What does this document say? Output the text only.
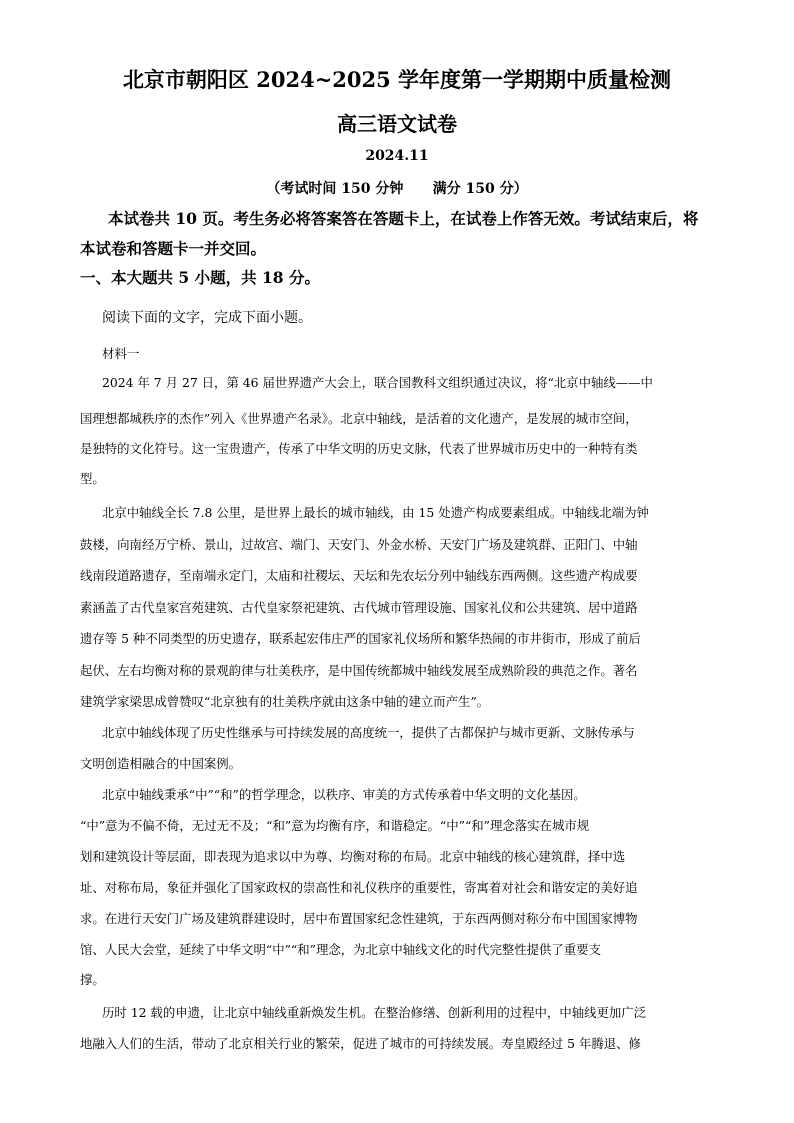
北京市朝阳区 2024~2025 学年度第一学期期中质量检测
高三语文试卷
2024.11
（考试时间 150 分钟      满分 150 分）
本试卷共 10 页。考生务必将答案答在答题卡上，在试卷上作答无效。考试结束后，将
本试卷和答题卡一并交回。
一、本大题共 5 小题，共 18 分。
阅读下面的文字，完成下面小题。
材料一
2024 年 7 月 27 日，第 46 届世界遗产大会上，联合国教科文组织通过决议，将“北京中轴线——中
国理想都城秩序的杰作”列入《世界遗产名录》。北京中轴线，是活着的文化遗产，是发展的城市空间，
是独特的文化符号。这一宝贵遗产，传承了中华文明的历史文脉，代表了世界城市历史中的一种特有类
型。
北京中轴线全长 7.8 公里，是世界上最长的城市轴线，由 15 处遗产构成要素组成。中轴线北端为钟
鼓楼，向南经万宁桥、景山，过故宫、端门、天安门、外金水桥、天安门广场及建筑群、正阳门、中轴
线南段道路遗存，至南端永定门，太庙和社稷坛、天坛和先农坛分列中轴线东西两侧。这些遗产构成要
素涵盖了古代皇家宫苑建筑、古代皇家祭祀建筑、古代城市管理设施、国家礼仪和公共建筑、居中道路
遗存等 5 种不同类型的历史遗存，联系起宏伟庄严的国家礼仪场所和繁华热闹的市井街市，形成了前后
起伏、左右均衡对称的景观韵律与壮美秩序，是中国传统都城中轴线发展至成熟阶段的典范之作。著名
建筑学家梁思成曾赞叹“北京独有的壮美秩序就由这条中轴的建立而产生”。
北京中轴线体现了历史性继承与可持续发展的高度统一，提供了古都保护与城市更新、文脉传承与
文明创造相融合的中国案例。
北京中轴线秉承“中”“和”的哲学理念，以秩序、审美的方式传承着中华文明的文化基因。
“中”意为不偏不倚，无过无不及；“和”意为均衡有序，和谐稳定。“中”“和”理念落实在城市规
划和建筑设计等层面，即表现为追求以中为尊、均衡对称的布局。北京中轴线的核心建筑群，择中选
址、对称布局，象征并强化了国家政权的崇高性和礼仪秩序的重要性，寄寓着对社会和谐安定的美好追
求。在进行天安门广场及建筑群建设时，居中布置国家纪念性建筑，于东西两侧对称分布中国国家博物
馆、人民大会堂，延续了中华文明“中”“和”理念，为北京中轴线文化的时代完整性提供了重要支
撑。
历时 12 载的申遗，让北京中轴线重新焕发生机。在整治修缮、创新利用的过程中，中轴线更加广泛
地融入人们的生活，带动了北京相关行业的繁荣，促进了城市的可持续发展。寿皇殿经过 5 年腾退、修
